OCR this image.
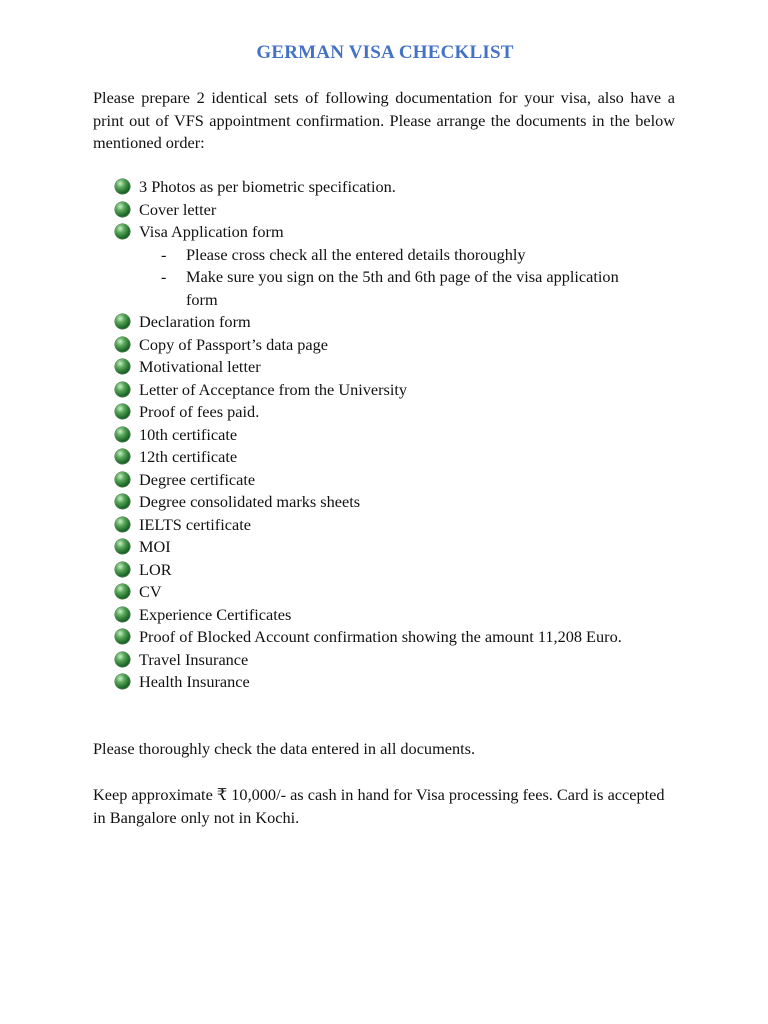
GERMAN VISA CHECKLIST

Please prepare 2 identical sets of following documentation for your visa, also have a print out of VFS appointment confirmation. Please arrange the documents in the below mentioned order:

3 Photos as per biometric specification.
Cover letter
Visa Application form
- Please cross check all the entered details thoroughly
- Make sure you sign on the 5th and 6th page of the visa application form
Declaration form
Copy of Passport’s data page
Motivational letter
Letter of Acceptance from the University
Proof of fees paid.
10th certificate
12th certificate
Degree certificate
Degree consolidated marks sheets
IELTS certificate
MOI
LOR
CV
Experience Certificates
Proof of Blocked Account confirmation showing the amount 11,208 Euro.
Travel Insurance
Health Insurance

Please thoroughly check the data entered in all documents.

Keep approximate ₹ 10,000/- as cash in hand for Visa processing fees. Card is accepted in Bangalore only not in Kochi.
